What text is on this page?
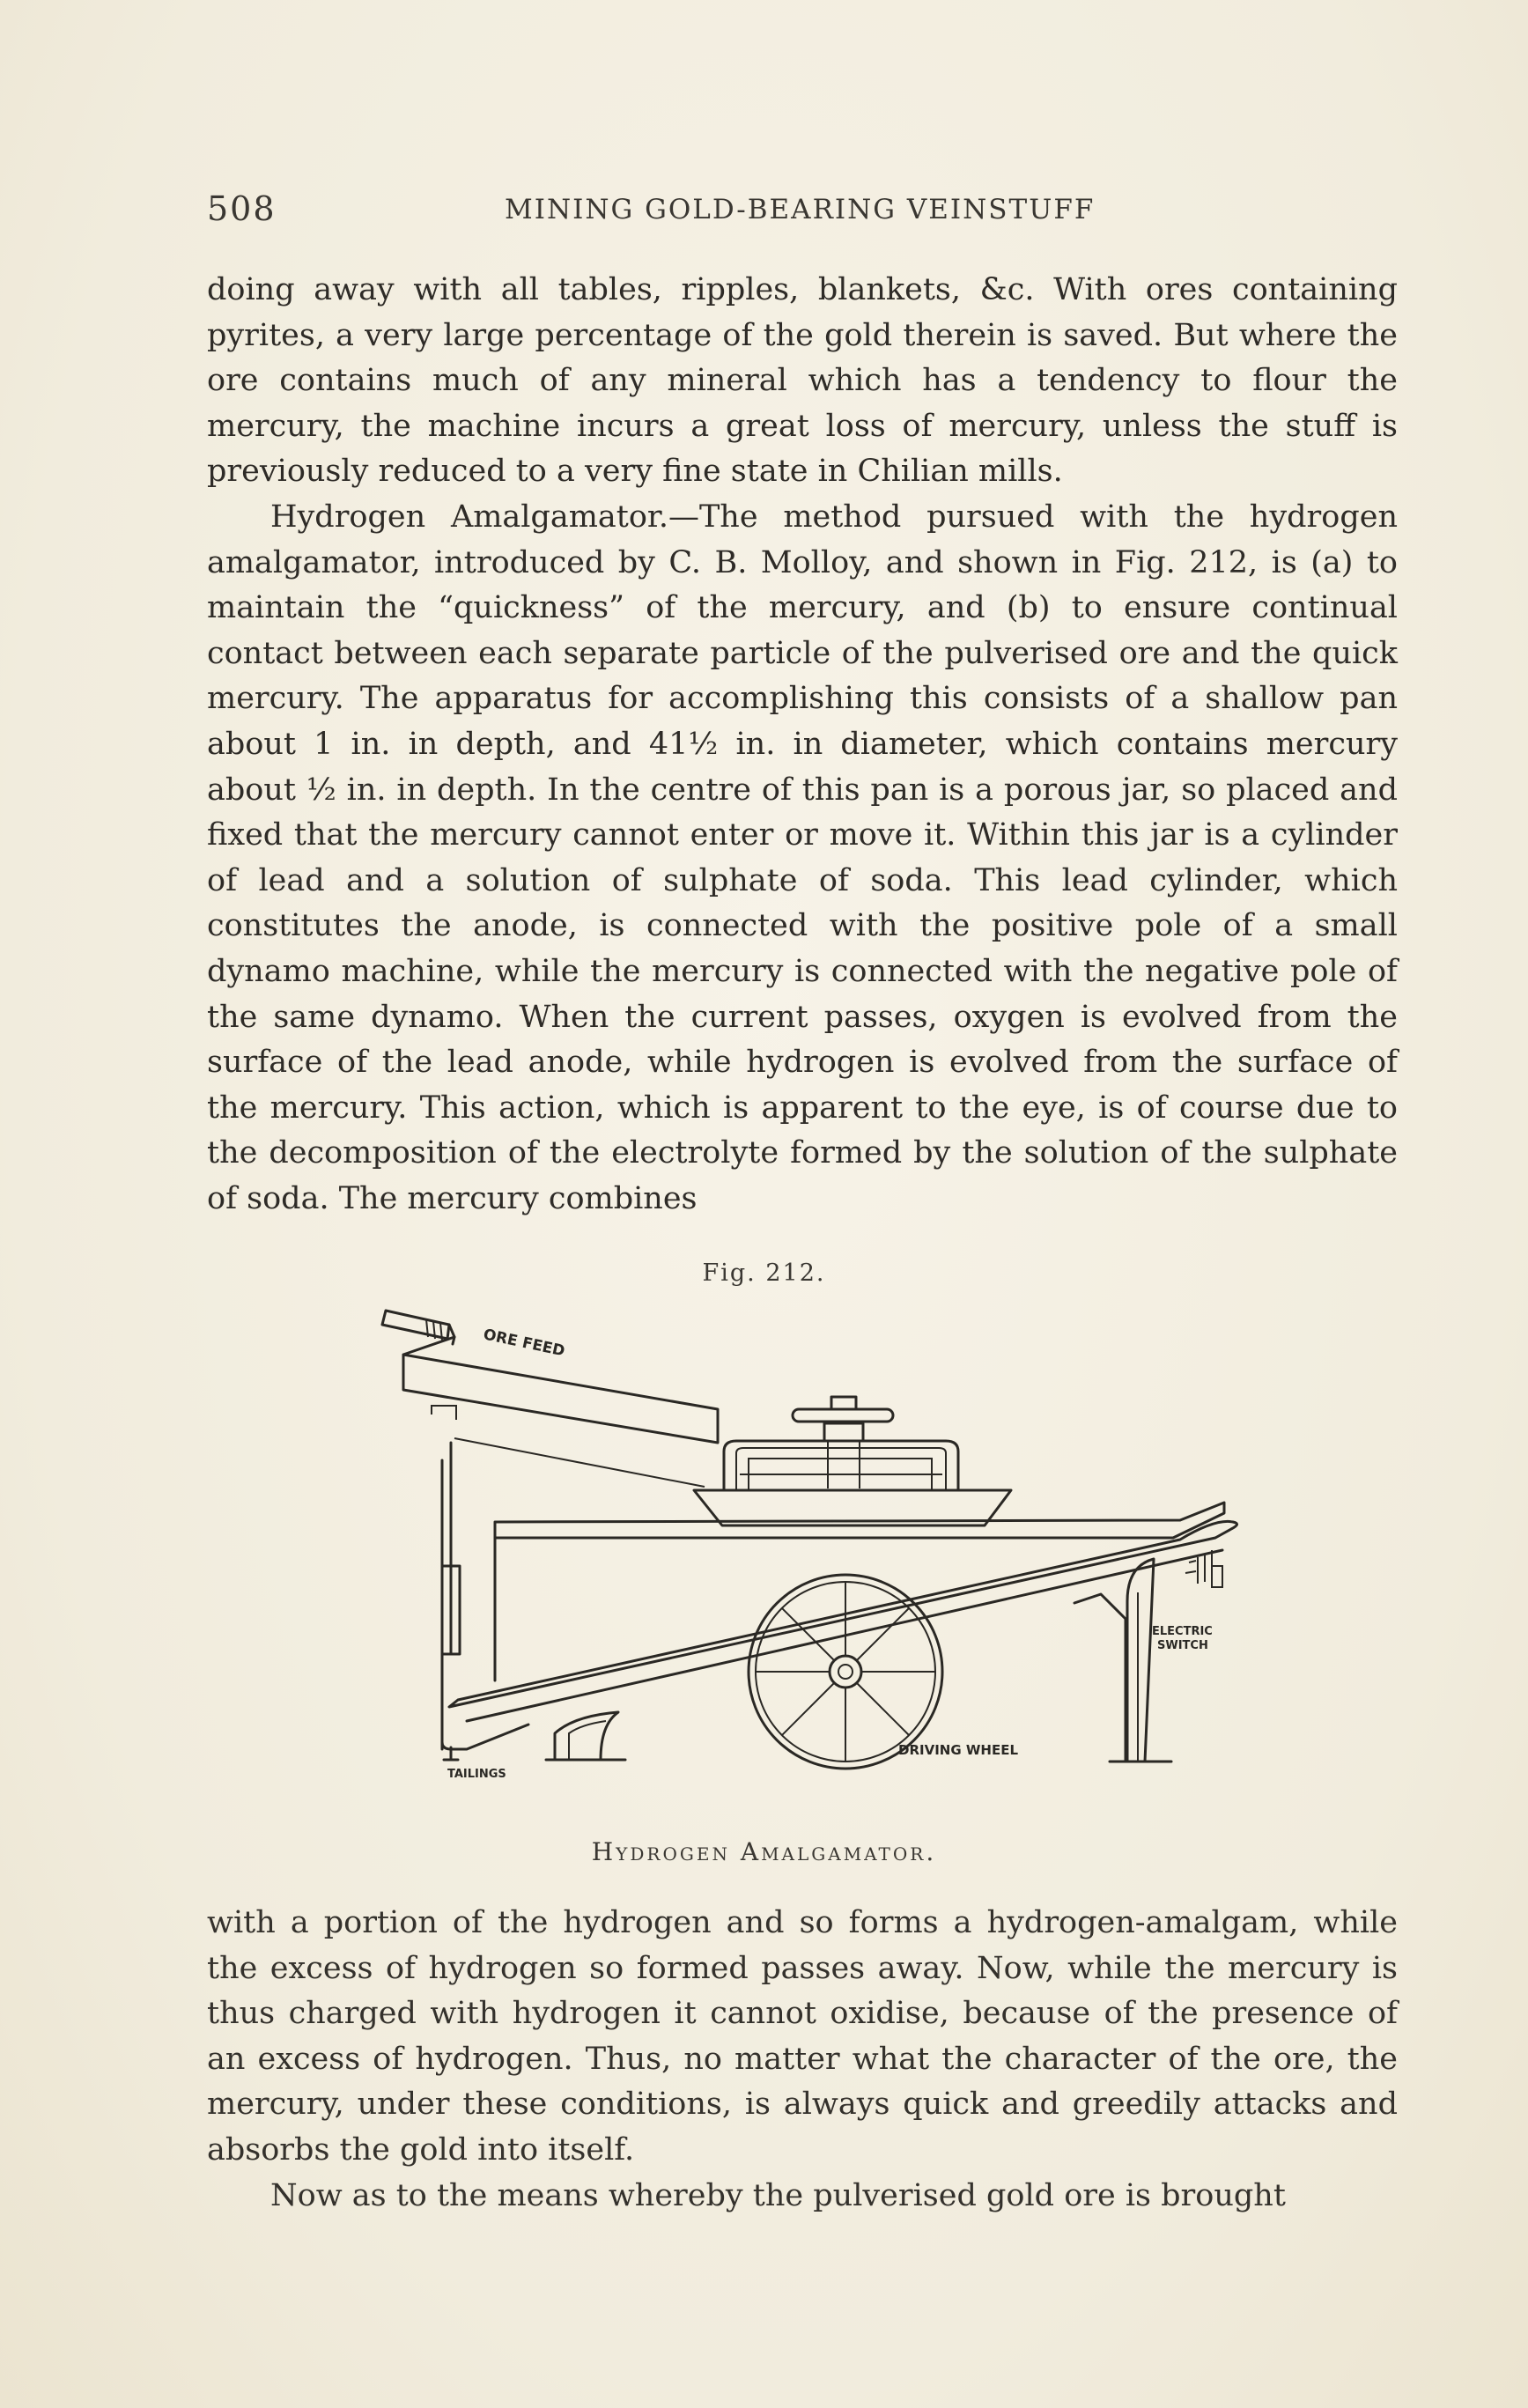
508	MINING GOLD-BEARING VEINSTUFF

doing away with all tables, ripples, blankets, &c. With ores containing pyrites, a very large percentage of the gold therein is saved. But where the ore contains much of any mineral which has a tendency to flour the mercury, the machine incurs a great loss of mercury, unless the stuff is previously reduced to a very fine state in Chilian mills.

Hydrogen Amalgamator.—The method pursued with the hydrogen amalgamator, introduced by C. B. Molloy, and shown in Fig. 212, is (a) to maintain the “quickness” of the mercury, and (b) to ensure continual contact between each separate particle of the pulverised ore and the quick mercury. The apparatus for accomplishing this consists of a shallow pan about 1 in. in depth, and 41½ in. in diameter, which contains mercury about ½ in. in depth. In the centre of this pan is a porous jar, so placed and fixed that the mercury cannot enter or move it. Within this jar is a cylinder of lead and a solution of sulphate of soda. This lead cylinder, which constitutes the anode, is connected with the positive pole of a small dynamo machine, while the mercury is connected with the negative pole of the same dynamo. When the current passes, oxygen is evolved from the surface of the lead anode, while hydrogen is evolved from the surface of the mercury. This action, which is apparent to the eye, is of course due to the decomposition of the electrolyte formed by the solution of the sulphate of soda. The mercury combines

Fig. 212.
ORE FEED
ELECTRIC
SWITCH
DRIVING WHEEL
TAILINGS
Hydrogen Amalgamator.

with a portion of the hydrogen and so forms a hydrogen-amalgam, while the excess of hydrogen so formed passes away. Now, while the mercury is thus charged with hydrogen it cannot oxidise, because of the presence of an excess of hydrogen. Thus, no matter what the character of the ore, the mercury, under these conditions, is always quick and greedily attacks and absorbs the gold into itself.

Now as to the means whereby the pulverised gold ore is brought
